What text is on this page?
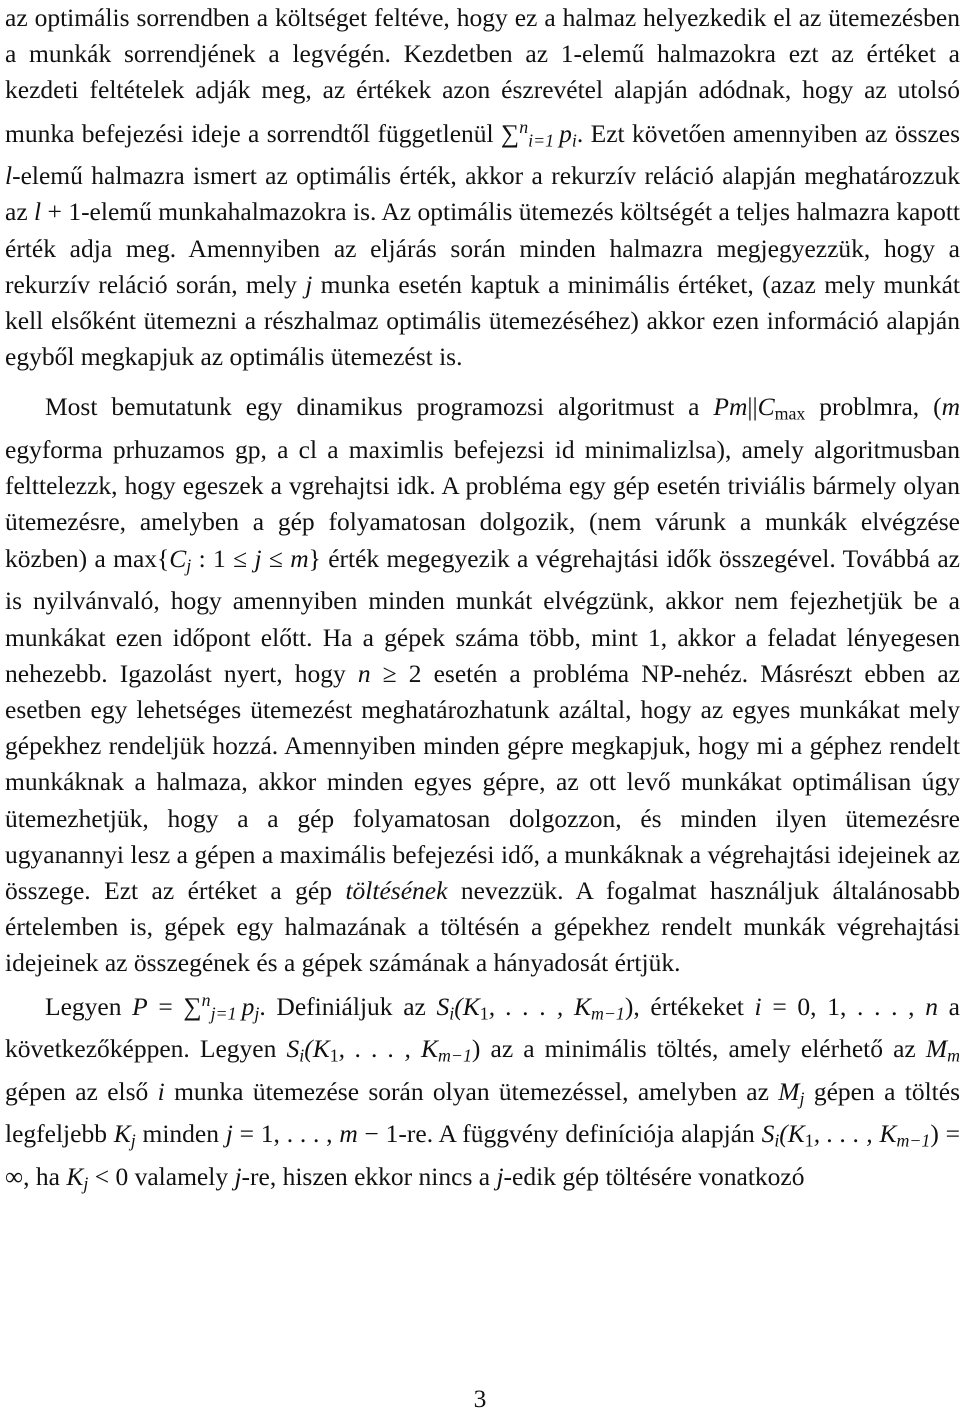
az optimális sorrendben a költséget feltéve, hogy ez a halmaz helyezkedik el az ütemezésben a munkák sorrendjének a legvégén. Kezdetben az 1-elemű halmazokra ezt az értéket a kezdeti feltételek adják meg, az értékek azon észrevétel alapján adódnak, hogy az utolsó munka befejezési ideje a sorrendtől függetlenül ∑$^n_{i=1}$  $p_i$. Ezt követően amennyiben az összes l-elemű halmazra ismert az optimális érték, akkor a rekurzív reláció alapján meghatározzuk az l + 1-elemű munkahalmazokra is. Az optimális ütemezés költségét a teljes halmazra kapott érték adja meg. Amennyiben az eljárás során minden halmazra megjegyezzük, hogy a rekurzív reláció során, mely j munka esetén kaptuk a minimális értéket, (azaz mely munkát kell elsőként ütemezni a részhalmaz optimális ütemezéséhez) akkor ezen információ alapján egyből megkapjuk az optimális ütemezést is.

Most bemutatunk egy dinamikus programozsi algoritmust a $Pm||C_{max}$ problmra, (m egyforma prhuzamos gp, a cl a maximlis befejezsi id minimalizlsa), amely algoritmusban felttelezzk, hogy egeszek a vgrehajtsi idk. A probléma egy gép esetén triviális bármely olyan ütemezésre, amelyben a gép folyamatosan dolgozik, (nem várunk a munkák elvégzése közben) a $\max\{C_j$ : 1 ≤ j ≤ m} érték megegyezik a végrehajtási idők összegével. Továbbá az is nyilvánvaló, hogy amennyiben minden munkát elvégzünk, akkor nem fejezhetjük be a munkákat ezen időpont előtt. Ha a gépek száma több, mint 1, akkor a feladat lényegesen nehezebb. Igazolást nyert, hogy n ≥ 2 esetén a probléma NP-nehéz. Másrészt ebben az esetben egy lehetséges ütemezést meghatározhatunk azáltal, hogy az egyes munkákat mely gépekhez rendeljük hozzá. Amennyiben minden gépre megkapjuk, hogy mi a géphez rendelt munkáknak a halmaza, akkor minden egyes gépre, az ott levő munkákat optimálisan úgy ütemezhetjük, hogy a a gép folyamatosan dolgozzon, és minden ilyen ütemezésre ugyanannyi lesz a gépen a maximális befejezési idő, a munkáknak a végrehajtási idejeinek az összege. Ezt az értéket a gép töltésének nevezzük. A fogalmat használjuk általánosabb értelemben is, gépek egy halmazának a töltésén a gépekhez rendelt munkák végrehajtási idejeinek az összegének és a gépek számának a hányadosát értjük.

Legyen P = ∑$^n_{j=1}$  $p_j$. Definiáljuk az $S_i(K_1$, . . . , $K_{m-1}$), értékeket i = 0, 1, . . . , n a következőképpen. Legyen $S_i(K_1$, . . . , $K_{m-1}$) az a minimális töltés, amely elérhető az $M_m$ gépen az első i munka ütemezése során olyan ütemezéssel, amelyben az $M_j$ gépen a töltés legfeljebb $K_j$ minden j = 1, . . . , m − 1-re. A függvény definíciója alapján $S_i(K_1$, . . . , $K_{m-1}$) = ∞, ha $K_j < 0$ valamely j-re, hiszen ekkor nincs a j-edik gép töltésére vonatkozó

3
